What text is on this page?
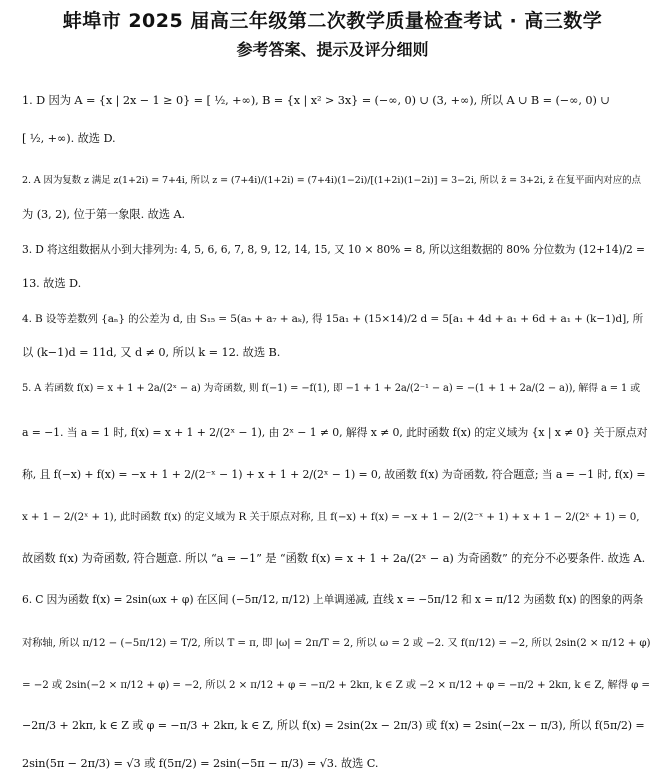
蚌埠市 2025 届高三年级第二次教学质量检查考试 · 高三数学
参考答案、提示及评分细则
1. D 因为 A = {x | 2x − 1 ≥ 0} = [ ½, +∞), B = {x | x² > 3x} = (−∞, 0) ∪ (3, +∞), 所以 A ∪ B = (−∞, 0) ∪
[ ½, +∞). 故选 D.
2. A 因为复数 z 满足 z(1+2i) = 7+4i, 所以 z = (7+4i)/(1+2i) = (7+4i)(1−2i)/[(1+2i)(1−2i)] = 3−2i, 所以 z̄ = 3+2i, z̄ 在复平面内对应的点
为 (3, 2), 位于第一象限. 故选 A.
3. D 将这组数据从小到大排列为: 4, 5, 6, 6, 7, 8, 9, 12, 14, 15, 又 10 × 80% = 8, 所以这组数据的 80% 分位数为 (12+14)/2 =
13. 故选 D.
4. B 设等差数列 {aₙ} 的公差为 d, 由 S₁₅ = 5(a₅ + a₇ + aₖ), 得 15a₁ + (15×14)/2 d = 5[a₁ + 4d + a₁ + 6d + a₁ + (k−1)d], 所
以 (k−1)d = 11d, 又 d ≠ 0, 所以 k = 12. 故选 B.
5. A 若函数 f(x) = x + 1 + 2a/(2ˣ − a) 为奇函数, 则 f(−1) = −f(1), 即 −1 + 1 + 2a/(2⁻¹ − a) = −(1 + 1 + 2a/(2 − a)), 解得 a = 1 或
a = −1. 当 a = 1 时, f(x) = x + 1 + 2/(2ˣ − 1), 由 2ˣ − 1 ≠ 0, 解得 x ≠ 0, 此时函数 f(x) 的定义域为 {x | x ≠ 0} 关于原点对
称, 且 f(−x) + f(x) = −x + 1 + 2/(2⁻ˣ − 1) + x + 1 + 2/(2ˣ − 1) = 0, 故函数 f(x) 为奇函数, 符合题意; 当 a = −1 时, f(x) =
x + 1 − 2/(2ˣ + 1), 此时函数 f(x) 的定义域为 R 关于原点对称, 且 f(−x) + f(x) = −x + 1 − 2/(2⁻ˣ + 1) + x + 1 − 2/(2ˣ + 1) = 0,
故函数 f(x) 为奇函数, 符合题意. 所以 “a = −1” 是 “函数 f(x) = x + 1 + 2a/(2ˣ − a) 为奇函数” 的充分不必要条件. 故选 A.
6. C 因为函数 f(x) = 2sin(ωx + φ) 在区间 (−5π/12, π/12) 上单调递减, 直线 x = −5π/12 和 x = π/12 为函数 f(x) 的图象的两条
对称轴, 所以 π/12 − (−5π/12) = T/2, 所以 T = π, 即 |ω| = 2π/T = 2, 所以 ω = 2 或 −2. 又 f(π/12) = −2, 所以 2sin(2 × π/12 + φ)
= −2 或 2sin(−2 × π/12 + φ) = −2, 所以 2 × π/12 + φ = −π/2 + 2kπ, k ∈ Z 或 −2 × π/12 + φ = −π/2 + 2kπ, k ∈ Z, 解得 φ =
−2π/3 + 2kπ, k ∈ Z 或 φ = −π/3 + 2kπ, k ∈ Z, 所以 f(x) = 2sin(2x − 2π/3) 或 f(x) = 2sin(−2x − π/3), 所以 f(5π/2) =
2sin(5π − 2π/3) = √3 或 f(5π/2) = 2sin(−5π − π/3) = √3. 故选 C.
